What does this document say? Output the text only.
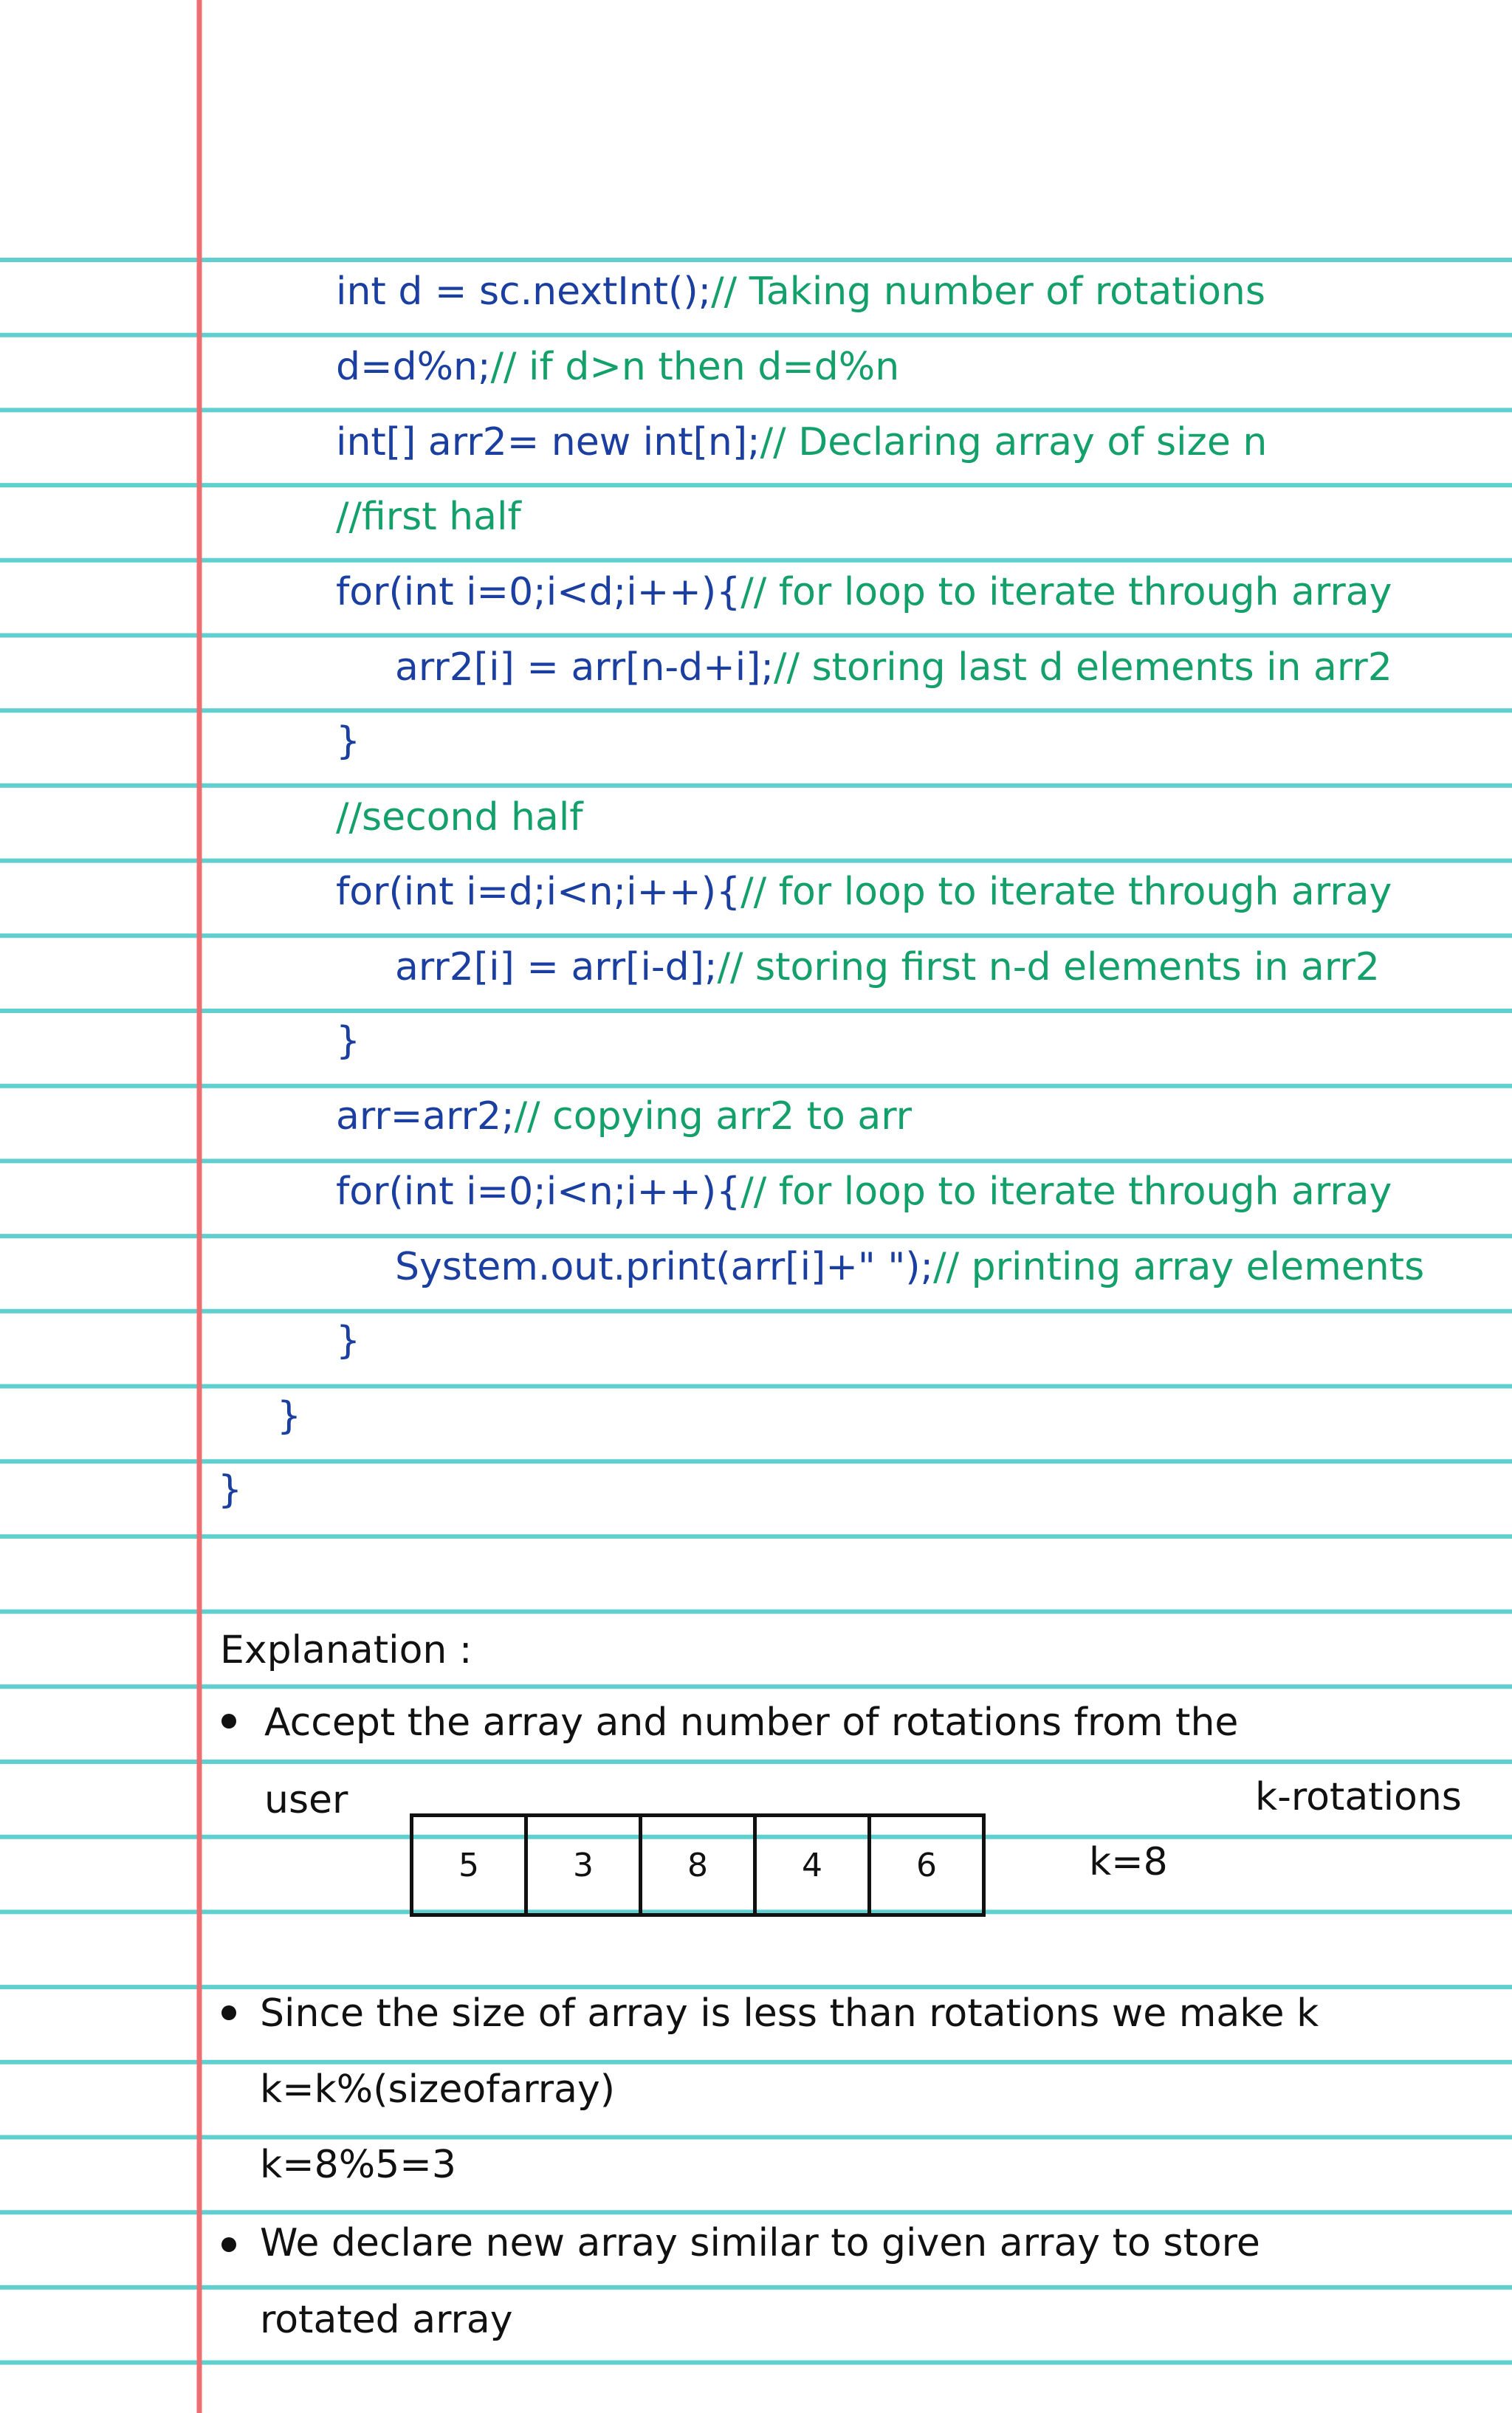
int d = sc.nextInt();// Taking number of rotations
d=d%n;// if d>n then d=d%n
int[] arr2= new int[n];// Declaring array of size n
//first half
for(int i=0;i<d;i++){// for loop to iterate through array
arr2[i] = arr[n-d+i];// storing last d elements in arr2
}
//second half
for(int i=d;i<n;i++){// for loop to iterate through array
arr2[i] = arr[i-d];// storing first n-d elements in arr2
}
arr=arr2;// copying arr2 to arr
for(int i=0;i<n;i++){// for loop to iterate through array
System.out.print(arr[i]+" ");// printing array elements
}
}
}
Explanation :
Accept the array and number of rotations from the
user	k-rotations
5	3	8	4	6	k=8
Since the size of array is less than rotations we make k
k=k%(sizeofarray)
k=8%5=3
We declare new array similar to given array to store
rotated array
